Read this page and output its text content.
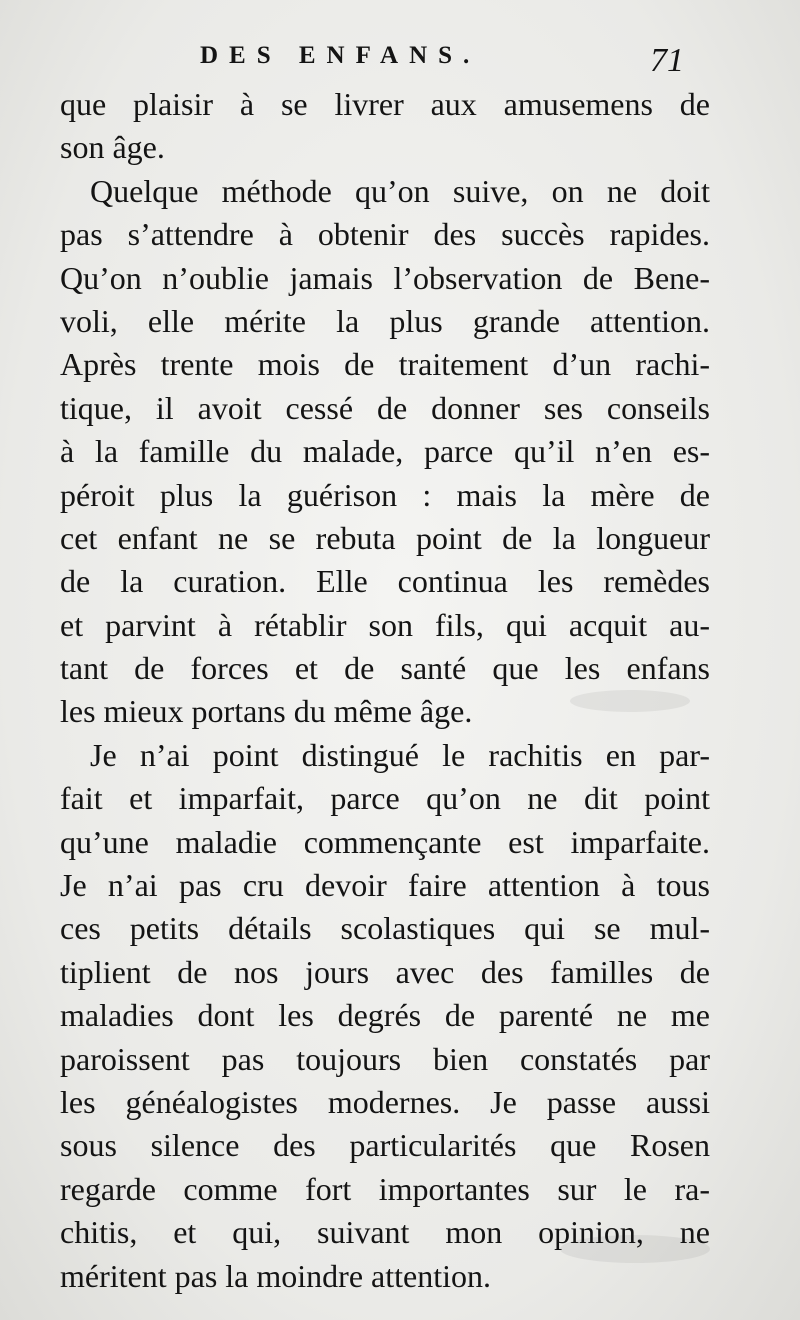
DES ENFANS.	71
que plaisir à se livrer aux amusemens de
son âge.
Quelque méthode qu’on suive, on ne doit
pas s’attendre à obtenir des succès rapides.
Qu’on n’oublie jamais l’observation de Bene-
voli, elle mérite la plus grande attention.
Après trente mois de traitement d’un rachi-
tique, il avoit cessé de donner ses conseils
à la famille du malade, parce qu’il n’en es-
péroit plus la guérison : mais la mère de
cet enfant ne se rebuta point de la longueur
de la curation. Elle continua les remèdes
et parvint à rétablir son fils, qui acquit au-
tant de forces et de santé que les enfans
les mieux portans du même âge.
Je n’ai point distingué le rachitis en par-
fait et imparfait, parce qu’on ne dit point
qu’une maladie commençante est imparfaite.
Je n’ai pas cru devoir faire attention à tous
ces petits détails scolastiques qui se mul-
tiplient de nos jours avec des familles de
maladies dont les degrés de parenté ne me
paroissent pas toujours bien constatés par
les généalogistes modernes. Je passe aussi
sous silence des particularités que Rosen
regarde comme fort importantes sur le ra-
chitis, et qui, suivant mon opinion, ne
méritent pas la moindre attention.
